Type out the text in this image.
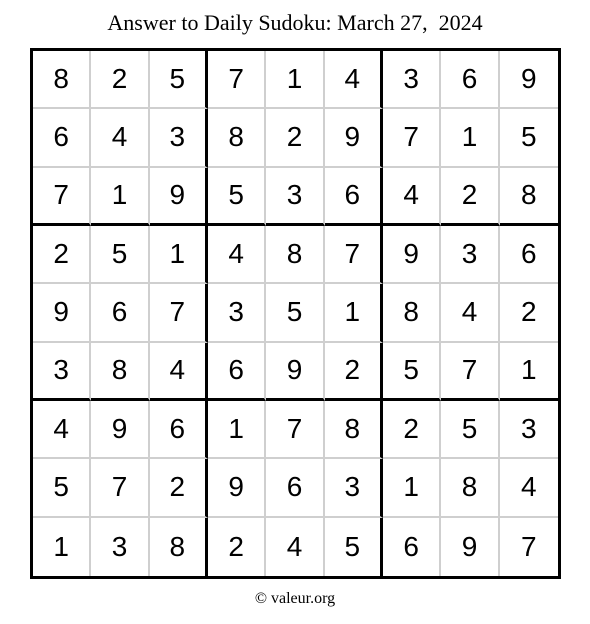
Answer to Daily Sudoku: March 27,  2024
8	2	5	7	1	4	3	6	9
6	4	3	8	2	9	7	1	5
7	1	9	5	3	6	4	2	8
2	5	1	4	8	7	9	3	6
9	6	7	3	5	1	8	4	2
3	8	4	6	9	2	5	7	1
4	9	6	1	7	8	2	5	3
5	7	2	9	6	3	1	8	4
1	3	8	2	4	5	6	9	7
© valeur.org
